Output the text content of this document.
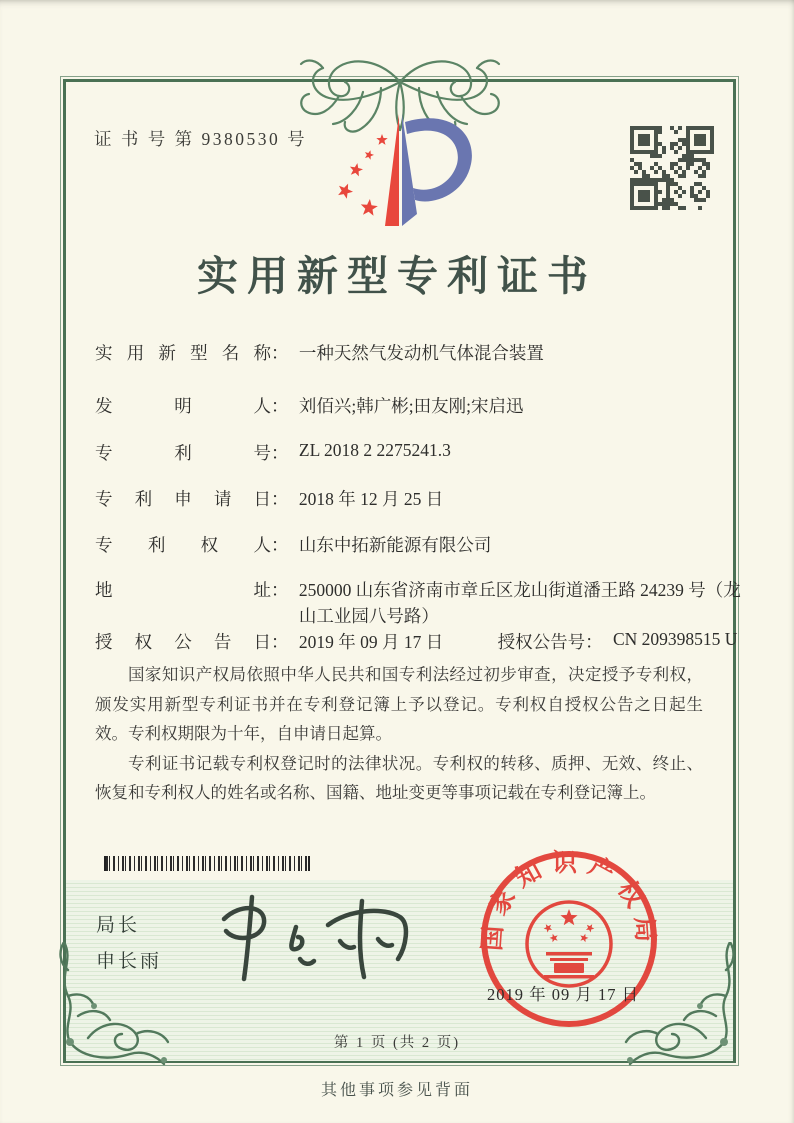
证 书 号 第 9380530 号
实用新型专利证书
实用新型名称： 一种天然气发动机气体混合装置
发明人： 刘佰兴;韩广彬;田友刚;宋启迅
专利号： ZL 2018 2 2275241.3
专利申请日： 2018 年 12 月 25 日
专利权人： 山东中拓新能源有限公司
地址： 250000 山东省济南市章丘区龙山街道潘王路 24239 号（龙山工业园八号路）
授权公告日： 2019 年 09 月 17 日	授权公告号： CN 209398515 U

国家知识产权局依照中华人民共和国专利法经过初步审查，决定授予专利权，颁发实用新型专利证书并在专利登记簿上予以登记。专利权自授权公告之日起生效。专利权期限为十年，自申请日起算。

专利证书记载专利权登记时的法律状况。专利权的转移、质押、无效、终止、恢复和专利权人的姓名或名称、国籍、地址变更等事项记载在专利登记簿上。

局长
申长雨
国家知识产权局
2019 年 09 月 17 日
第 1 页 (共 2 页)
其他事项参见背面
